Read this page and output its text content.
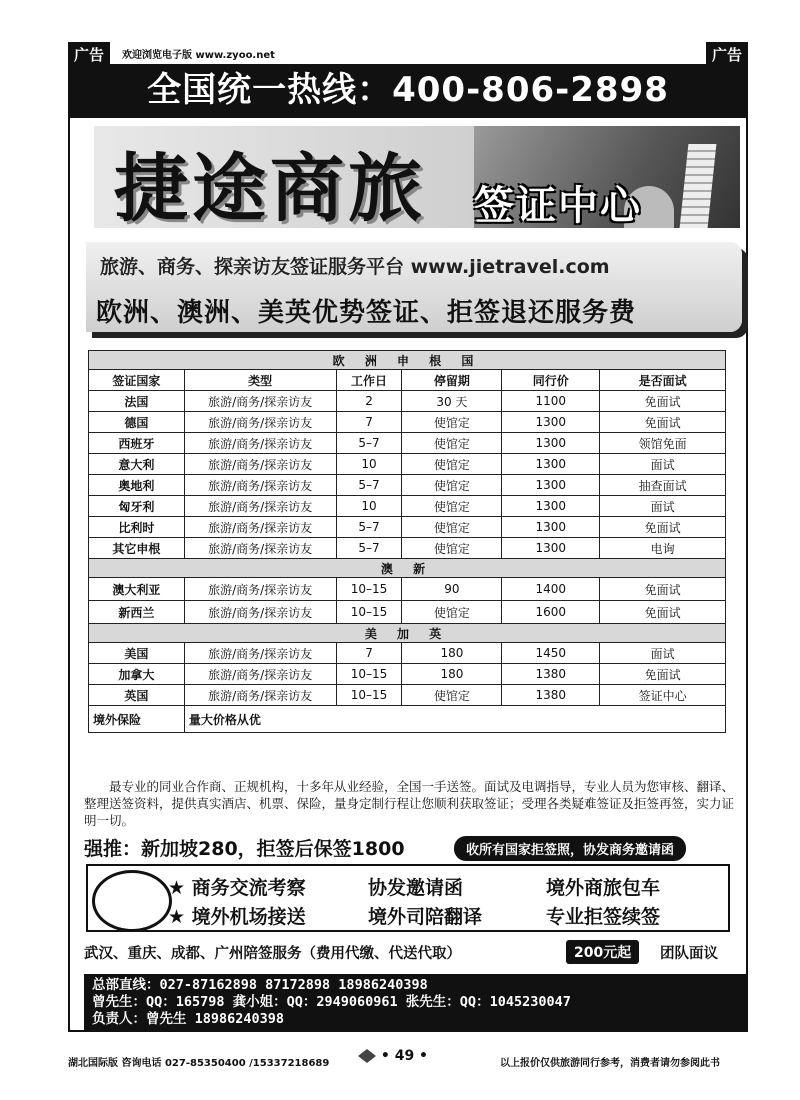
广告	欢迎浏览电子版 www.zyoo.net	广告
全国统一热线：400-806-2898
捷途商旅 签证中心
旅游、商务、探亲访友签证服务平台 www.jietravel.com
欧洲、澳洲、美英优势签证、拒签退还服务费
欧 洲 申 根 国					
签证国家	类型	工作日	停留期	同行价	是否面试
法国	旅游/商务/探亲访友	2	30 天	1100	免面试
德国	旅游/商务/探亲访友	7	使馆定	1300	免面试
西班牙	旅游/商务/探亲访友	5–7	使馆定	1300	领馆免面
意大利	旅游/商务/探亲访友	10	使馆定	1300	面试
奥地利	旅游/商务/探亲访友	5–7	使馆定	1300	抽查面试
匈牙利	旅游/商务/探亲访友	10	使馆定	1300	面试
比利时	旅游/商务/探亲访友	5–7	使馆定	1300	免面试
其它申根	旅游/商务/探亲访友	5–7	使馆定	1300	电询
澳 新					
澳大利亚	旅游/商务/探亲访友	10–15	90	1400	免面试
新西兰	旅游/商务/探亲访友	10–15	使馆定	1600	免面试
美 加 英					
美国	旅游/商务/探亲访友	7	180	1450	面试
加拿大	旅游/商务/探亲访友	10–15	180	1380	免面试
英国	旅游/商务/探亲访友	10–15	使馆定	1380	签证中心
境外保险	量大价格从优				
最专业的同业合作商、正规机构，十多年从业经验，全国一手送签。面试及电调指导，专业人员为您审核、翻译、整理送签资料，提供真实酒店、机票、保险，量身定制行程让您顺利获取签证；受理各类疑难签证及拒签再签，实力证明一切。
强推：新加坡280，拒签后保签1800	收所有国家拒签照，协发商务邀请函
★ 商务交流考察	协发邀请函	境外商旅包车
★ 境外机场接送	境外司陪翻译	专业拒签续签
武汉、重庆、成都、广州陪签服务（费用代缴、代送代取）	200元起	团队面议
总部直线：027-87162898 87172898 18986240398
曾先生：QQ：165798 龚小姐：QQ：2949060961 张先生：QQ：1045230047
负责人：曾先生 18986240398
湖北国际版 咨询电话 027-85350400 /15337218689	• 49 •	以上报价仅供旅游同行参考，消费者请勿参阅此书
